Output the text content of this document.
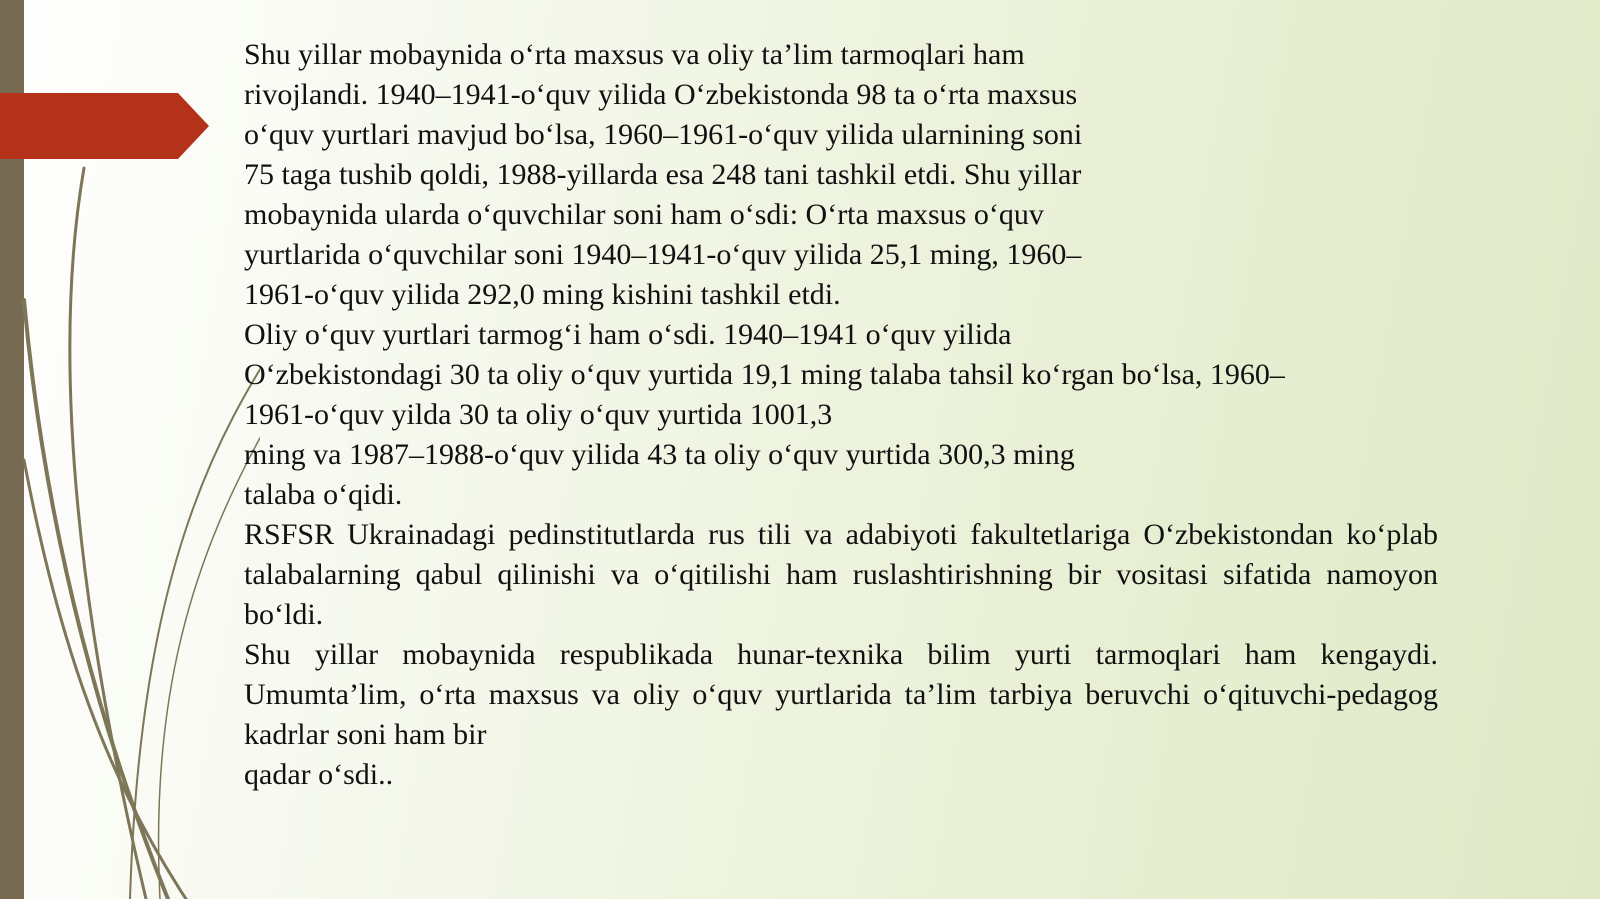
Shu yillar mobaynida o‘rta maxsus va oliy ta’lim tarmoqlari ham
rivojlandi. 1940–1941-o‘quv yilida O‘zbekistonda 98 ta o‘rta maxsus
o‘quv yurtlari mavjud bo‘lsa, 1960–1961-o‘quv yilida ularnining soni
75 taga tushib qoldi, 1988-yillarda esa 248 tani tashkil etdi. Shu yillar
mobaynida ularda o‘quvchilar soni ham o‘sdi: O‘rta maxsus o‘quv
yurtlarida o‘quvchilar soni 1940–1941-o‘quv yilida 25,1 ming, 1960–
1961-o‘quv yilida 292,0 ming kishini tashkil etdi.

Oliy o‘quv yurtlari tarmog‘i ham o‘sdi. 1940–1941 o‘quv yilida

O‘zbekistondagi 30 ta oliy o‘quv yurtida 19,1 ming talaba tahsil ko‘rgan bo‘lsa, 1960–

1961-o‘quv yilda 30 ta oliy o‘quv yurtida 1001,3

ming va 1987–1988-o‘quv yilida 43 ta oliy o‘quv yurtida 300,3 ming
talaba o‘qidi.

RSFSR Ukrainadagi pedinstitutlarda rus tili va adabiyoti fakultetlariga O‘zbekistondan ko‘plab talabalarning qabul qilinishi va o‘qitilishi ham ruslashtirishning bir vositasi sifatida namoyon bo‘ldi.

Shu yillar mobaynida respublikada hunar-texnika bilim yurti tarmoqlari ham kengaydi. Umumta’lim, o‘rta maxsus va oliy o‘quv yurtlarida ta’lim tarbiya beruvchi o‘qituvchi-pedagog kadrlar soni ham bir

qadar o‘sdi..
